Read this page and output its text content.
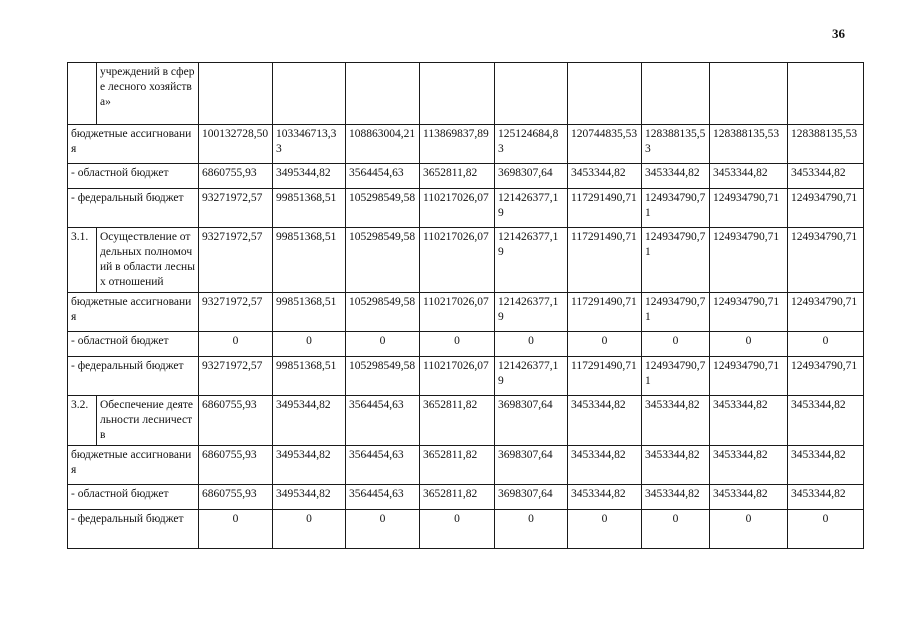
36
	учреждений в сфере лесного хозяйства»									
бюджетные ассигнования		100132728,50	103346713,33	108863004,21	113869837,89	125124684,83	120744835,53	128388135,53	128388135,53	128388135,53
- областной бюджет		6860755,93	3495344,82	3564454,63	3652811,82	3698307,64	3453344,82	3453344,82	3453344,82	3453344,82
- федеральный бюджет		93271972,57	99851368,51	105298549,58	110217026,07	121426377,19	117291490,71	124934790,71	124934790,71	124934790,71
3.1.	Осуществление отдельных полномочий в области лесных отношений	93271972,57	99851368,51	105298549,58	110217026,07	121426377,19	117291490,71	124934790,71	124934790,71	124934790,71
бюджетные ассигнования		93271972,57	99851368,51	105298549,58	110217026,07	121426377,19	117291490,71	124934790,71	124934790,71	124934790,71
- областной бюджет		0	0	0	0	0	0	0	0	0
- федеральный бюджет		93271972,57	99851368,51	105298549,58	110217026,07	121426377,19	117291490,71	124934790,71	124934790,71	124934790,71
3.2.	Обеспечение деятельности лесничеств	6860755,93	3495344,82	3564454,63	3652811,82	3698307,64	3453344,82	3453344,82	3453344,82	3453344,82
бюджетные ассигнования		6860755,93	3495344,82	3564454,63	3652811,82	3698307,64	3453344,82	3453344,82	3453344,82	3453344,82
- областной бюджет		6860755,93	3495344,82	3564454,63	3652811,82	3698307,64	3453344,82	3453344,82	3453344,82	3453344,82
- федеральный бюджет		0	0	0	0	0	0	0	0	0
